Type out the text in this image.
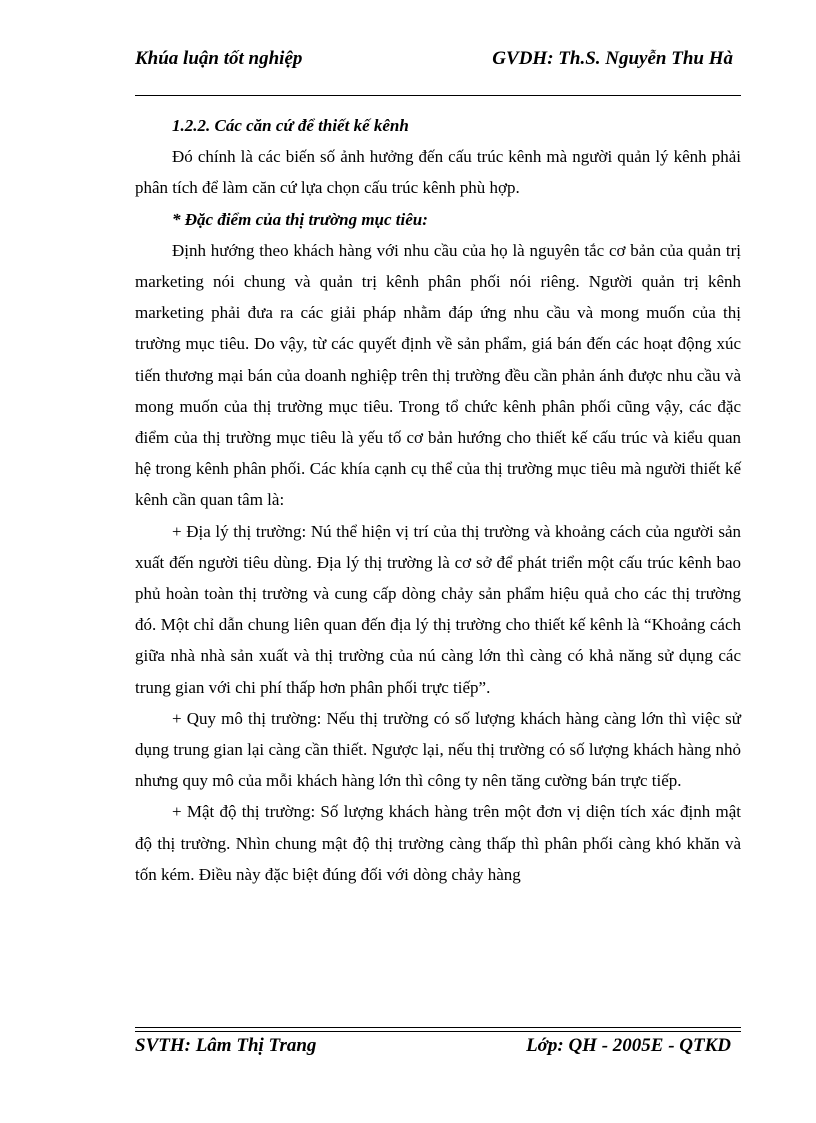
Khúa luận tốt nghiệp	GVDH: Th.S. Nguyễn Thu Hà

1.2.2. Các căn cứ để thiết kế kênh

Đó chính là các biến số ảnh hưởng đến cấu trúc kênh mà người quản lý kênh phải phân tích để làm căn cứ lựa chọn cấu trúc kênh phù hợp.

* Đặc điểm của thị trường mục tiêu:

Định hướng theo khách hàng với nhu cầu của họ là nguyên tắc cơ bản của quản trị marketing nói chung và quản trị kênh phân phối nói riêng. Người quản trị kênh marketing phải đưa ra các giải pháp nhằm đáp ứng nhu cầu và mong muốn của thị trường mục tiêu. Do vậy, từ các quyết định về sản phẩm, giá bán đến các hoạt động xúc tiến thương mại bán của doanh nghiệp trên thị trường đều cần phản ánh được nhu cầu và mong muốn của thị trường mục tiêu. Trong tổ chức kênh phân phối cũng vậy, các đặc điểm của thị trường mục tiêu là yếu tố cơ bản hướng cho thiết kế cấu trúc và kiểu quan hệ trong kênh phân phối. Các khía cạnh cụ thể của thị trường mục tiêu mà người thiết kế kênh cần quan tâm là:

+ Địa lý thị trường: Nú thể hiện vị trí của thị trường và khoảng cách của người sản xuất đến người tiêu dùng. Địa lý thị trường là cơ sở để phát triển một cấu trúc kênh bao phủ hoàn toàn thị trường và cung cấp dòng chảy sản phẩm hiệu quả cho các thị trường đó. Một chỉ dẫn chung liên quan đến địa lý thị trường cho thiết kế kênh là “Khoảng cách giữa nhà nhà sản xuất và thị trường của nú càng lớn thì càng có khả năng sử dụng các trung gian với chi phí thấp hơn phân phối trực tiếp”.

+ Quy mô thị trường: Nếu thị trường có số lượng khách hàng càng lớn thì việc sử dụng trung gian lại càng cần thiết. Ngược lại, nếu thị trường có số lượng khách hàng nhỏ nhưng quy mô của mỗi khách hàng lớn thì công ty nên tăng cường bán trực tiếp.

+ Mật độ thị trường: Số lượng khách hàng trên một đơn vị diện tích xác định mật độ thị trường. Nhìn chung mật độ thị trường càng thấp thì phân phối càng khó khăn và tốn kém. Điều này đặc biệt đúng đối với dòng chảy hàng

SVTH: Lâm Thị Trang	Lớp: QH - 2005E - QTKD
